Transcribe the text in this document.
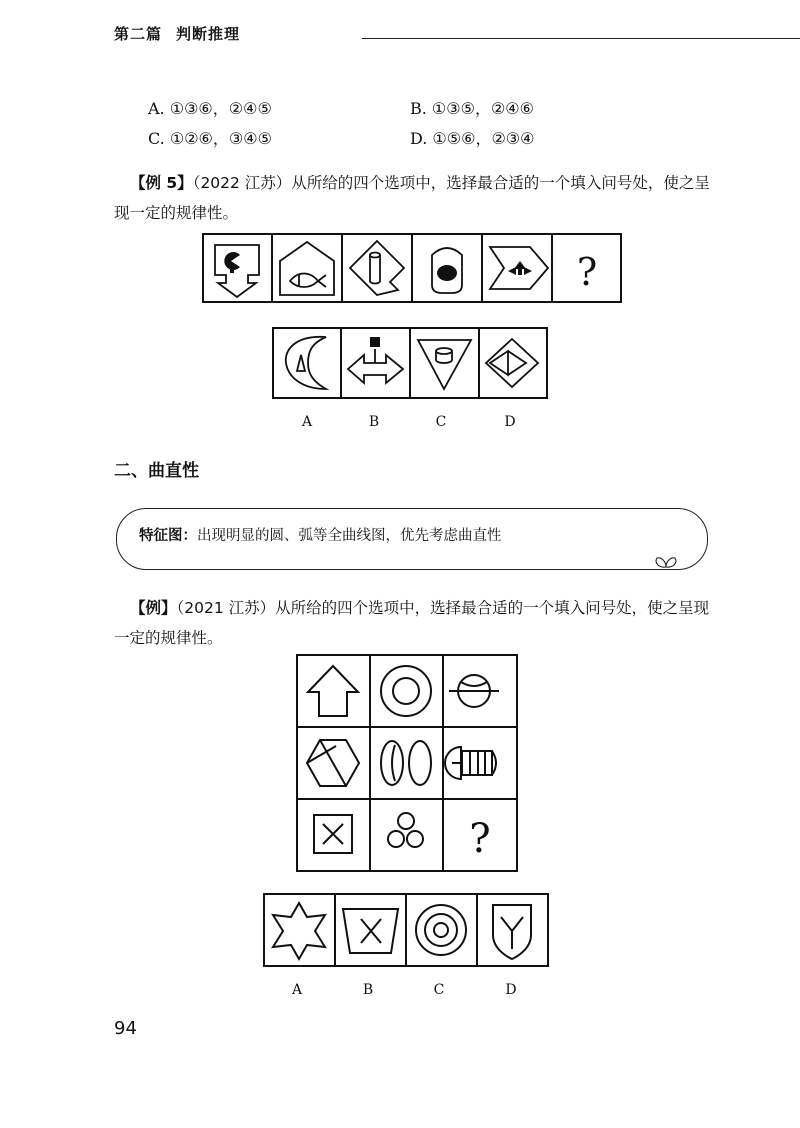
第二篇 判断推理
A. ①③⑥，②④⑤	B. ①③⑤，②④⑥
C. ①②⑥，③④⑤	D. ①⑤⑥，②③④
【例 5】（2022 江苏）从所给的四个选项中，选择最合适的一个填入问号处，使之呈现一定的规律性。
?
A	B	C	D
二、曲直性
特征图：出现明显的圆、弧等全曲线图，优先考虑曲直性
【例】（2021 江苏）从所给的四个选项中，选择最合适的一个填入问号处，使之呈现一定的规律性。
?
A	B	C	D
94
